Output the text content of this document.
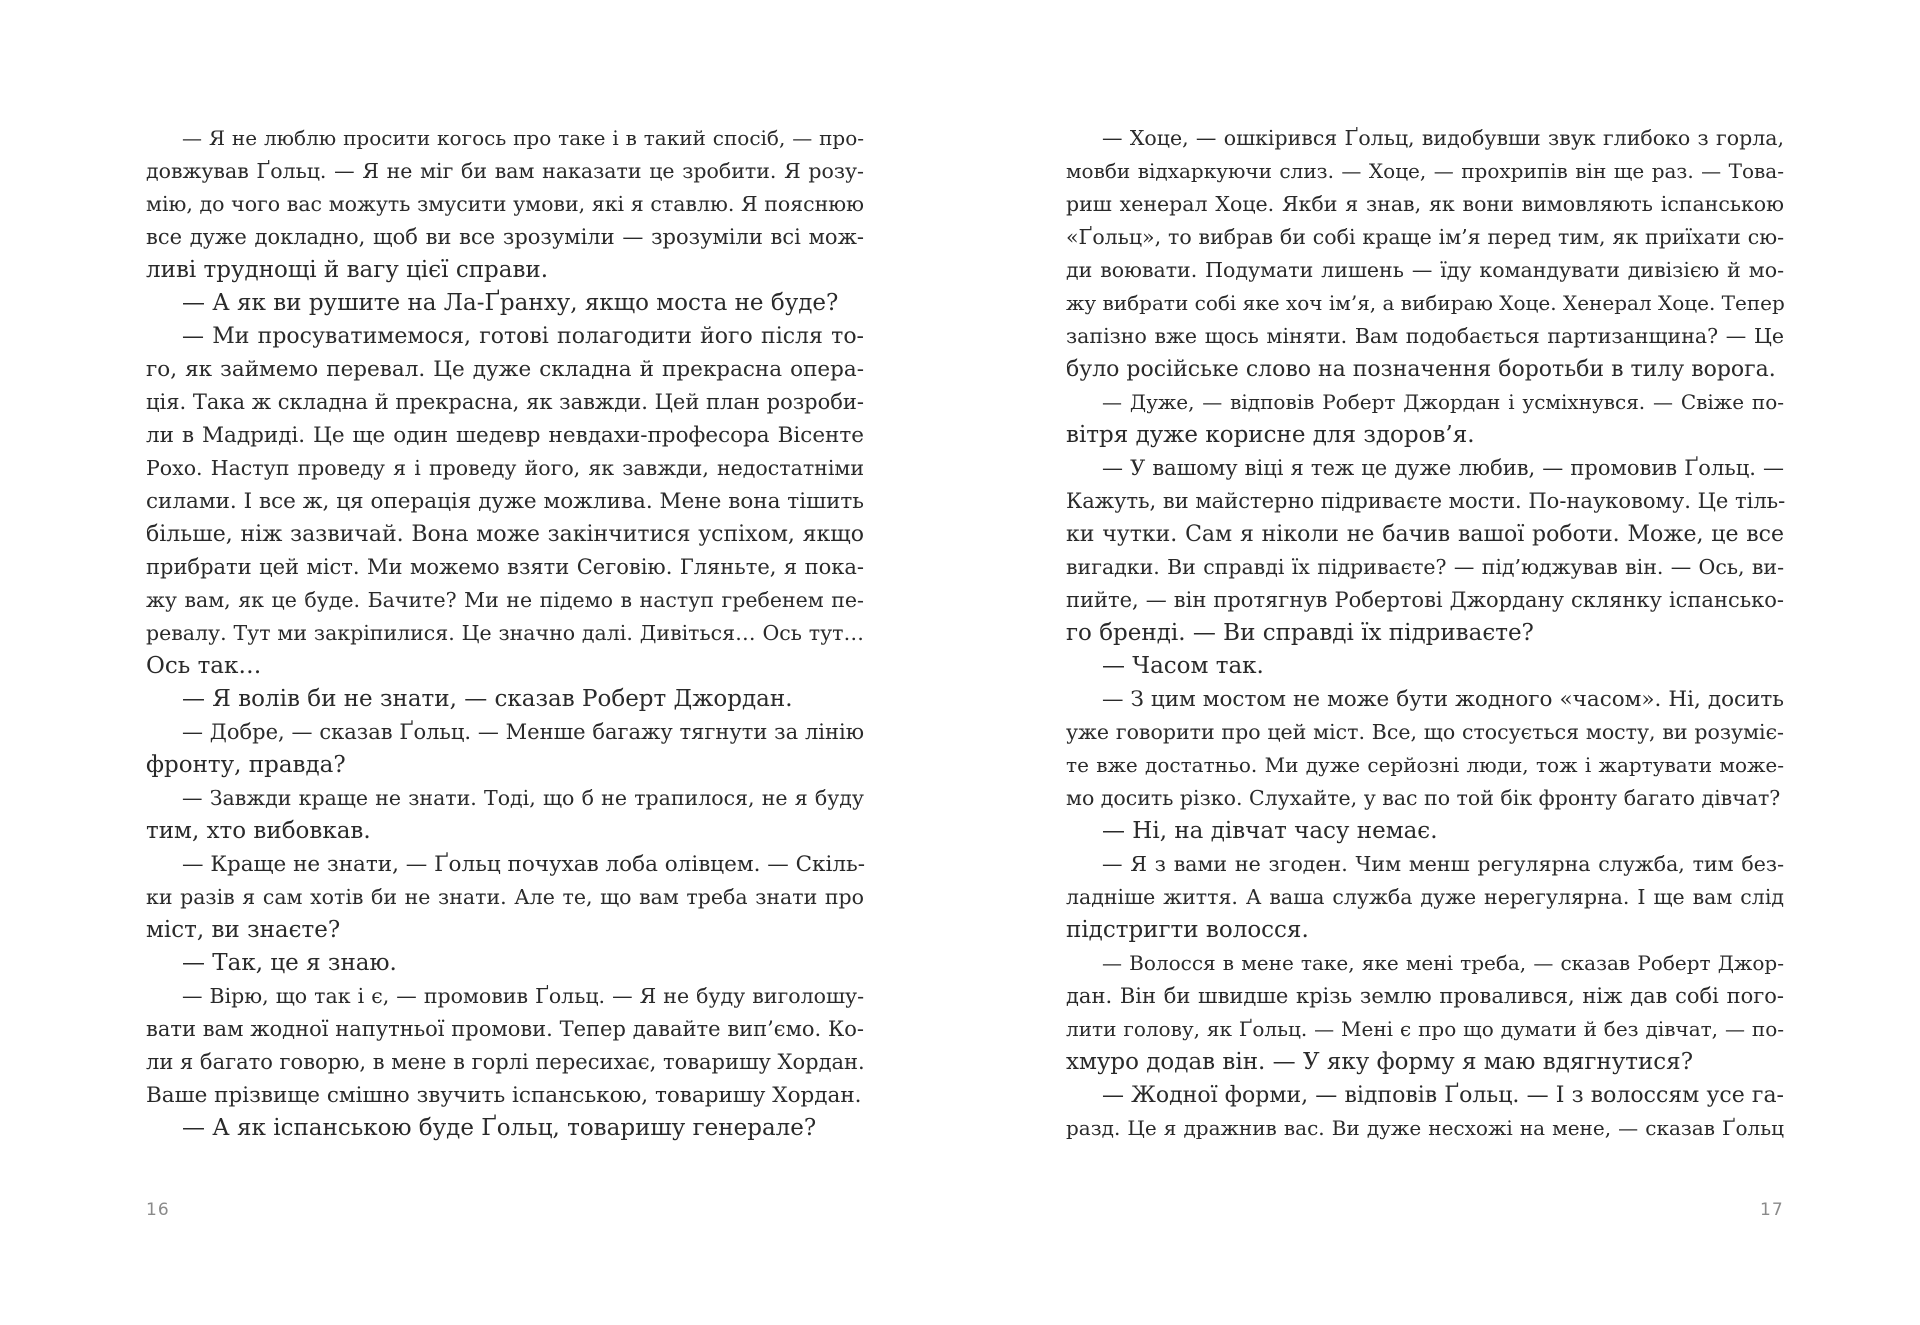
— Я не люблю просити когось про таке і в такий спосіб, — про-
довжував Ґольц. — Я не міг би вам наказати це зробити. Я розу-
мію, до чого вас можуть змусити умови, які я ставлю. Я пояснюю
все дуже докладно, щоб ви все зрозуміли — зрозуміли всі мож-
ливі труднощі й вагу цієї справи.
— А як ви рушите на Ла-Ґранху, якщо моста не буде?
— Ми просуватимемося, готові полагодити його після то-
го, як займемо перевал. Це дуже складна й прекрасна опера-
ція. Така ж складна й прекрасна, як завжди. Цей план розроби-
ли в Мадриді. Це ще один шедевр невдахи-професора Вісенте
Рохо. Наступ проведу я і проведу його, як завжди, недостатніми
силами. І все ж, ця операція дуже можлива. Мене вона тішить
більше, ніж зазвичай. Вона може закінчитися успіхом, якщо
прибрати цей міст. Ми можемо взяти Сеговію. Гляньте, я пока-
жу вам, як це буде. Бачите? Ми не підемо в наступ гребенем пе-
ревалу. Тут ми закріпилися. Це значно далі. Дивіться… Ось тут…
Ось так…
— Я волів би не знати, — сказав Роберт Джордан.
— Добре, — сказав Ґольц. — Менше багажу тягнути за лінію
фронту, правда?
— Завжди краще не знати. Тоді, що б не трапилося, не я буду
тим, хто вибовкав.
— Краще не знати, — Ґольц почухав лоба олівцем. — Скіль-
ки разів я сам хотів би не знати. Але те, що вам треба знати про
міст, ви знаєте?
— Так, це я знаю.
— Вірю, що так і є, — промовив Ґольц. — Я не буду виголошу-
вати вам жодної напутньої промови. Тепер давайте вип’ємо. Ко-
ли я багато говорю, в мене в горлі пересихає, товаришу Хордан.
Ваше прізвище смішно звучить іспанською, товаришу Хордан.
— А як іспанською буде Ґольц, товаришу генерале?
— Хоце, — ошкірився Ґольц, видобувши звук глибоко з горла,
мовби відхаркуючи слиз. — Хоце, — прохрипів він ще раз. — Това-
риш хенерал Хоце. Якби я знав, як вони вимовляють іспанською
«Ґольц», то вибрав би собі краще ім’я перед тим, як приїхати сю-
ди воювати. Подумати лишень — їду командувати дивізією й мо-
жу вибрати собі яке хоч ім’я, а вибираю Хоце. Хенерал Хоце. Тепер
запізно вже щось міняти. Вам подобається партизанщина? — Це
було російське слово на позначення боротьби в тилу ворога.
— Дуже, — відповів Роберт Джордан і усміхнувся. — Свіже по-
вітря дуже корисне для здоров’я.
— У вашому віці я теж це дуже любив, — промовив Ґольц. —
Кажуть, ви майстерно підриваєте мости. По-науковому. Це тіль-
ки чутки. Сам я ніколи не бачив вашої роботи. Може, це все
вигадки. Ви справді їх підриваєте? — під’юджував він. — Ось, ви-
пийте, — він протягнув Робертові Джордану склянку іспансько-
го бренді. — Ви справді їх підриваєте?
— Часом так.
— З цим мостом не може бути жодного «часом». Ні, досить
уже говорити про цей міст. Все, що стосується мосту, ви розуміє-
те вже достатньо. Ми дуже серйозні люди, тож і жартувати може-
мо досить різко. Слухайте, у вас по той бік фронту багато дівчат?
— Ні, на дівчат часу немає.
— Я з вами не згоден. Чим менш регулярна служба, тим без-
ладніше життя. А ваша служба дуже нерегулярна. І ще вам слід
підстригти волосся.
— Волосся в мене таке, яке мені треба, — сказав Роберт Джор-
дан. Він би швидше крізь землю провалився, ніж дав собі пого-
лити голову, як Ґольц. — Мені є про що думати й без дівчат, — по-
хмуро додав він. — У яку форму я маю вдягнутися?
— Жодної форми, — відповів Ґольц. — І з волоссям усе га-
разд. Це я дражнив вас. Ви дуже несхожі на мене, — сказав Ґольц
16	17
